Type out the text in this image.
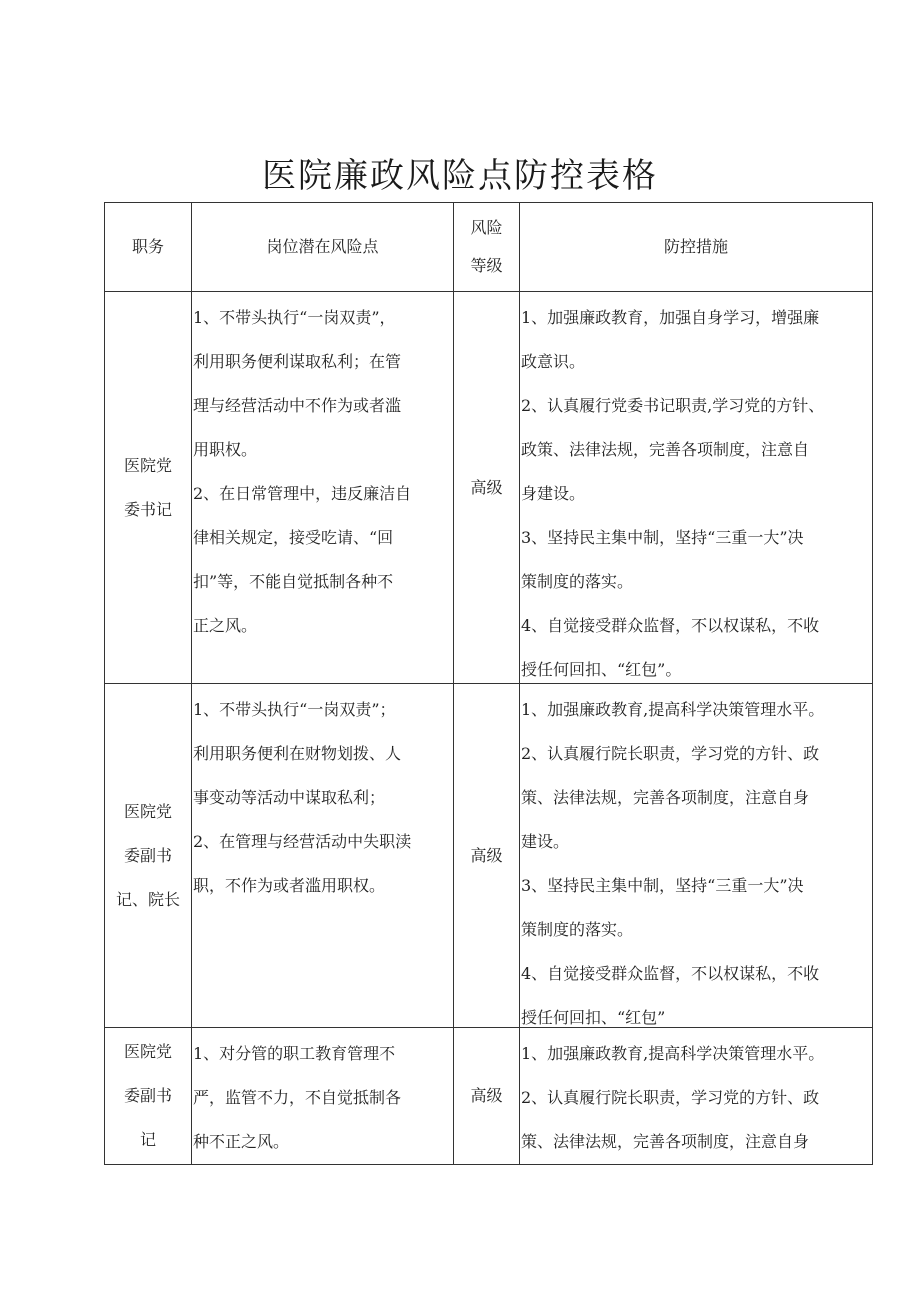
医院廉政风险点防控表格
职务	岗位潜在风险点
风险
等级
防控措施
医院党
委书记
1、不带头执行“一岗双责”，
利用职务便利谋取私利；在管
理与经营活动中不作为或者滥
用职权。
2、在日常管理中，违反廉洁自
律相关规定，接受吃请、“回
扣”等，不能自觉抵制各种不
正之风。
高级
1、加强廉政教育，加强自身学习，增强廉
政意识。
2、认真履行党委书记职责,学习党的方针、
政策、法律法规，完善各项制度，注意自
身建设。
3、坚持民主集中制，坚持“三重一大”决
策制度的落实。
4、自觉接受群众监督，不以权谋私，不收
授任何回扣、“红包”。
医院党
委副书
记、院长
1、不带头执行“一岗双责”；
利用职务便利在财物划拨、人
事变动等活动中谋取私利；
2、在管理与经营活动中失职渎
职，不作为或者滥用职权。
高级
1、加强廉政教育,提高科学决策管理水平。
2、认真履行院长职责，学习党的方针、政
策、法律法规，完善各项制度，注意自身
建设。
3、坚持民主集中制，坚持“三重一大”决
策制度的落实。
4、自觉接受群众监督，不以权谋私，不收
授任何回扣、“红包”
医院党
委副书
记
1、对分管的职工教育管理不
严，监管不力，不自觉抵制各
种不正之风。
高级
1、加强廉政教育,提高科学决策管理水平。
2、认真履行院长职责，学习党的方针、政
策、法律法规，完善各项制度，注意自身
